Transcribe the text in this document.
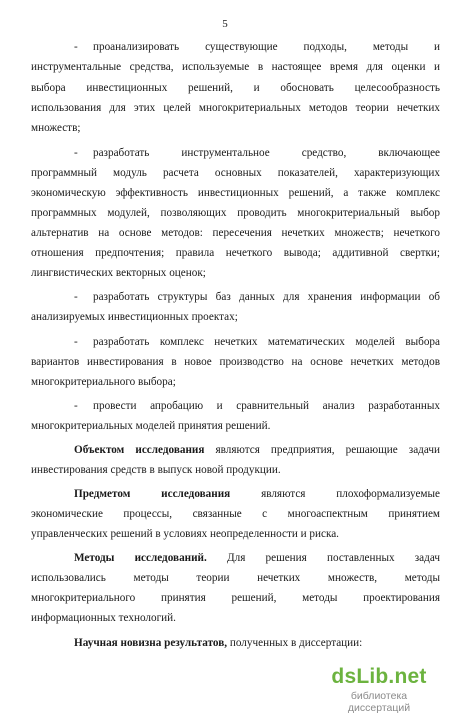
5
- проанализировать существующие подходы, методы и
инструментальные средства, используемые в настоящее время для оценки и
выбора инвестиционных решений, и обосновать целесообразность
использования для этих целей многокритериальных методов теории нечетких
множеств;
- разработать инструментальное средство, включающее
программный модуль расчета основных показателей, характеризующих
экономическую эффективность инвестиционных решений, а также комплекс
программных модулей, позволяющих проводить многокритериальный выбор
альтернатив на основе методов: пересечения нечетких множеств; нечеткого
отношения предпочтения; правила нечеткого вывода; аддитивной свертки;
лингвистических векторных оценок;
- разработать структуры баз данных для хранения информации об
анализируемых инвестиционных проектах;
- разработать комплекс нечетких математических моделей выбора
вариантов инвестирования в новое производство на основе нечетких методов
многокритериального выбора;
- провести апробацию и сравнительный анализ разработанных
многокритериальных моделей принятия решений.
Объектом исследования являются предприятия, решающие задачи
инвестирования средств в выпуск новой продукции.
Предметом исследования являются плохоформализуемые
экономические процессы, связанные с многоаспектным принятием
управленческих решений в условиях неопределенности и риска.
Методы исследований. Для решения поставленных задач
использовались методы теории нечетких множеств, методы
многокритериального принятия решений, методы проектирования
информационных технологий.
Научная новизна результатов, полученных в диссертации:
dsLib.net
библиотека диссертаций
